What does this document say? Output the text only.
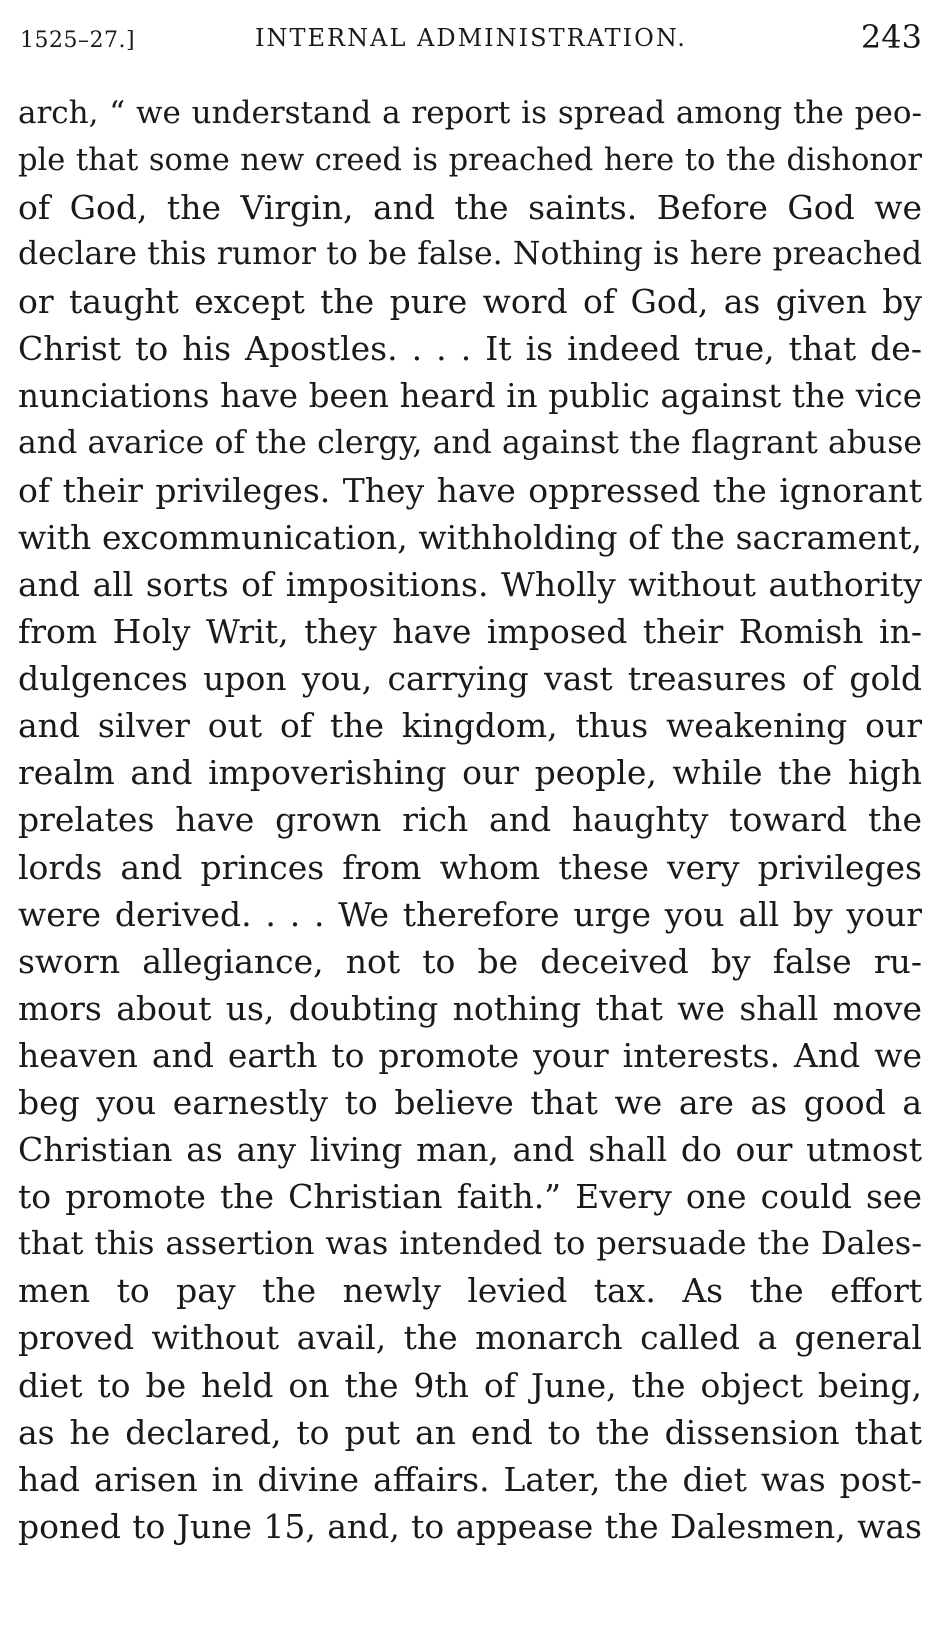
1525–27.]	INTERNAL ADMINISTRATION.	243
arch, “ we understand a report is spread among the peo-
ple that some new creed is preached here to the dishonor
of God, the Virgin, and the saints. Before God we
declare this rumor to be false. Nothing is here preached
or taught except the pure word of God, as given by
Christ to his Apostles. . . . It is indeed true, that de-
nunciations have been heard in public against the vice
and avarice of the clergy, and against the flagrant abuse
of their privileges. They have oppressed the ignorant
with excommunication, withholding of the sacrament,
and all sorts of impositions. Wholly without authority
from Holy Writ, they have imposed their Romish in-
dulgences upon you, carrying vast treasures of gold
and silver out of the kingdom, thus weakening our
realm and impoverishing our people, while the high
prelates have grown rich and haughty toward the
lords and princes from whom these very privileges
were derived. . . . We therefore urge you all by your
sworn allegiance, not to be deceived by false ru-
mors about us, doubting nothing that we shall move
heaven and earth to promote your interests. And we
beg you earnestly to believe that we are as good a
Christian as any living man, and shall do our utmost
to promote the Christian faith.” Every one could see
that this assertion was intended to persuade the Dales-
men to pay the newly levied tax. As the effort
proved without avail, the monarch called a general
diet to be held on the 9th of June, the object being,
as he declared, to put an end to the dissension that
had arisen in divine affairs. Later, the diet was post-
poned to June 15, and, to appease the Dalesmen, was
